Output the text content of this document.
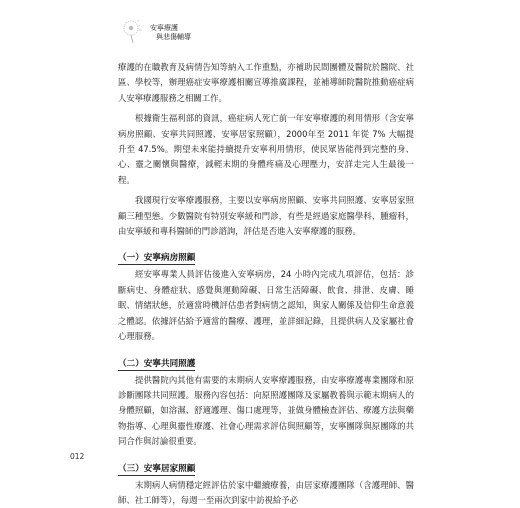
安寧療護
與悲傷輔導

療護的在職教育及病情告知等納入工作重點，亦補助民間團體及醫院於醫院、社區、學校等，辦理癌症安寧療護相關宣導推廣課程，並補導師院醫院推動癌症病人安寧療護服務之相關工作。

根據衛生福利部的資訊，癌症病人死亡前一年安寧療護的利用情形（含安寧病房照顧、安寧共同照護、安寧居家照顧），2000年至 2011 年從 7% 大幅提升至 47.5%。期望未來能持續提升安寧利用情形，使民眾皆能得到完整的身、心、靈之關懷與醫療，減輕末期的身體疼痛及心理壓力，安詳走完人生最後一程。

我國現行安寧療護服務，主要以安寧病房照顧、安寧共同照護、安寧居家照顧三種型態。少數醫院有特別安寧緩和門診，有些是經過家庭醫學科、腫瘤科，由安寧緩和專科醫師的門診諮詢，評估是否進入安寧療護的服務。

（一）安寧病房照顧

經安寧專業人員評估後進入安寧病房，24 小時內完成九項評估，包括：診斷病史、身體症狀、感覺與運動障礙、日常生活障礙、飲食、排泄、皮膚、睡眠、情緒狀態，於適當時機評估患者對病情之認知，與家人關係及信仰生命意義之體認。依據評估給予適當的醫療、護理，並詳細記錄，且提供病人及家屬社會心理服務。

（二）安寧共同照護

提供醫院內其他有需要的末期病人安寧療護服務，由安寧療護專業團隊和原診斷團隊共同照護。服務內容包括：向原照護團隊及家屬教養與示範末期病人的身體照顧，如溶濕、舒適護理、傷口處理等，並做身體檢查評估、療護方法與藥物指導、心理與靈性療護、社會心理需求評估與照顧等，安寧團隊與原團隊的共同合作與討論很重要。

（三）安寧居家照顧

末期病人病情穩定經評估於家中繼續療養，由居家療護團隊（含護理師、醫師、社工師等），每週一至兩次到家中訪視給予必

012
